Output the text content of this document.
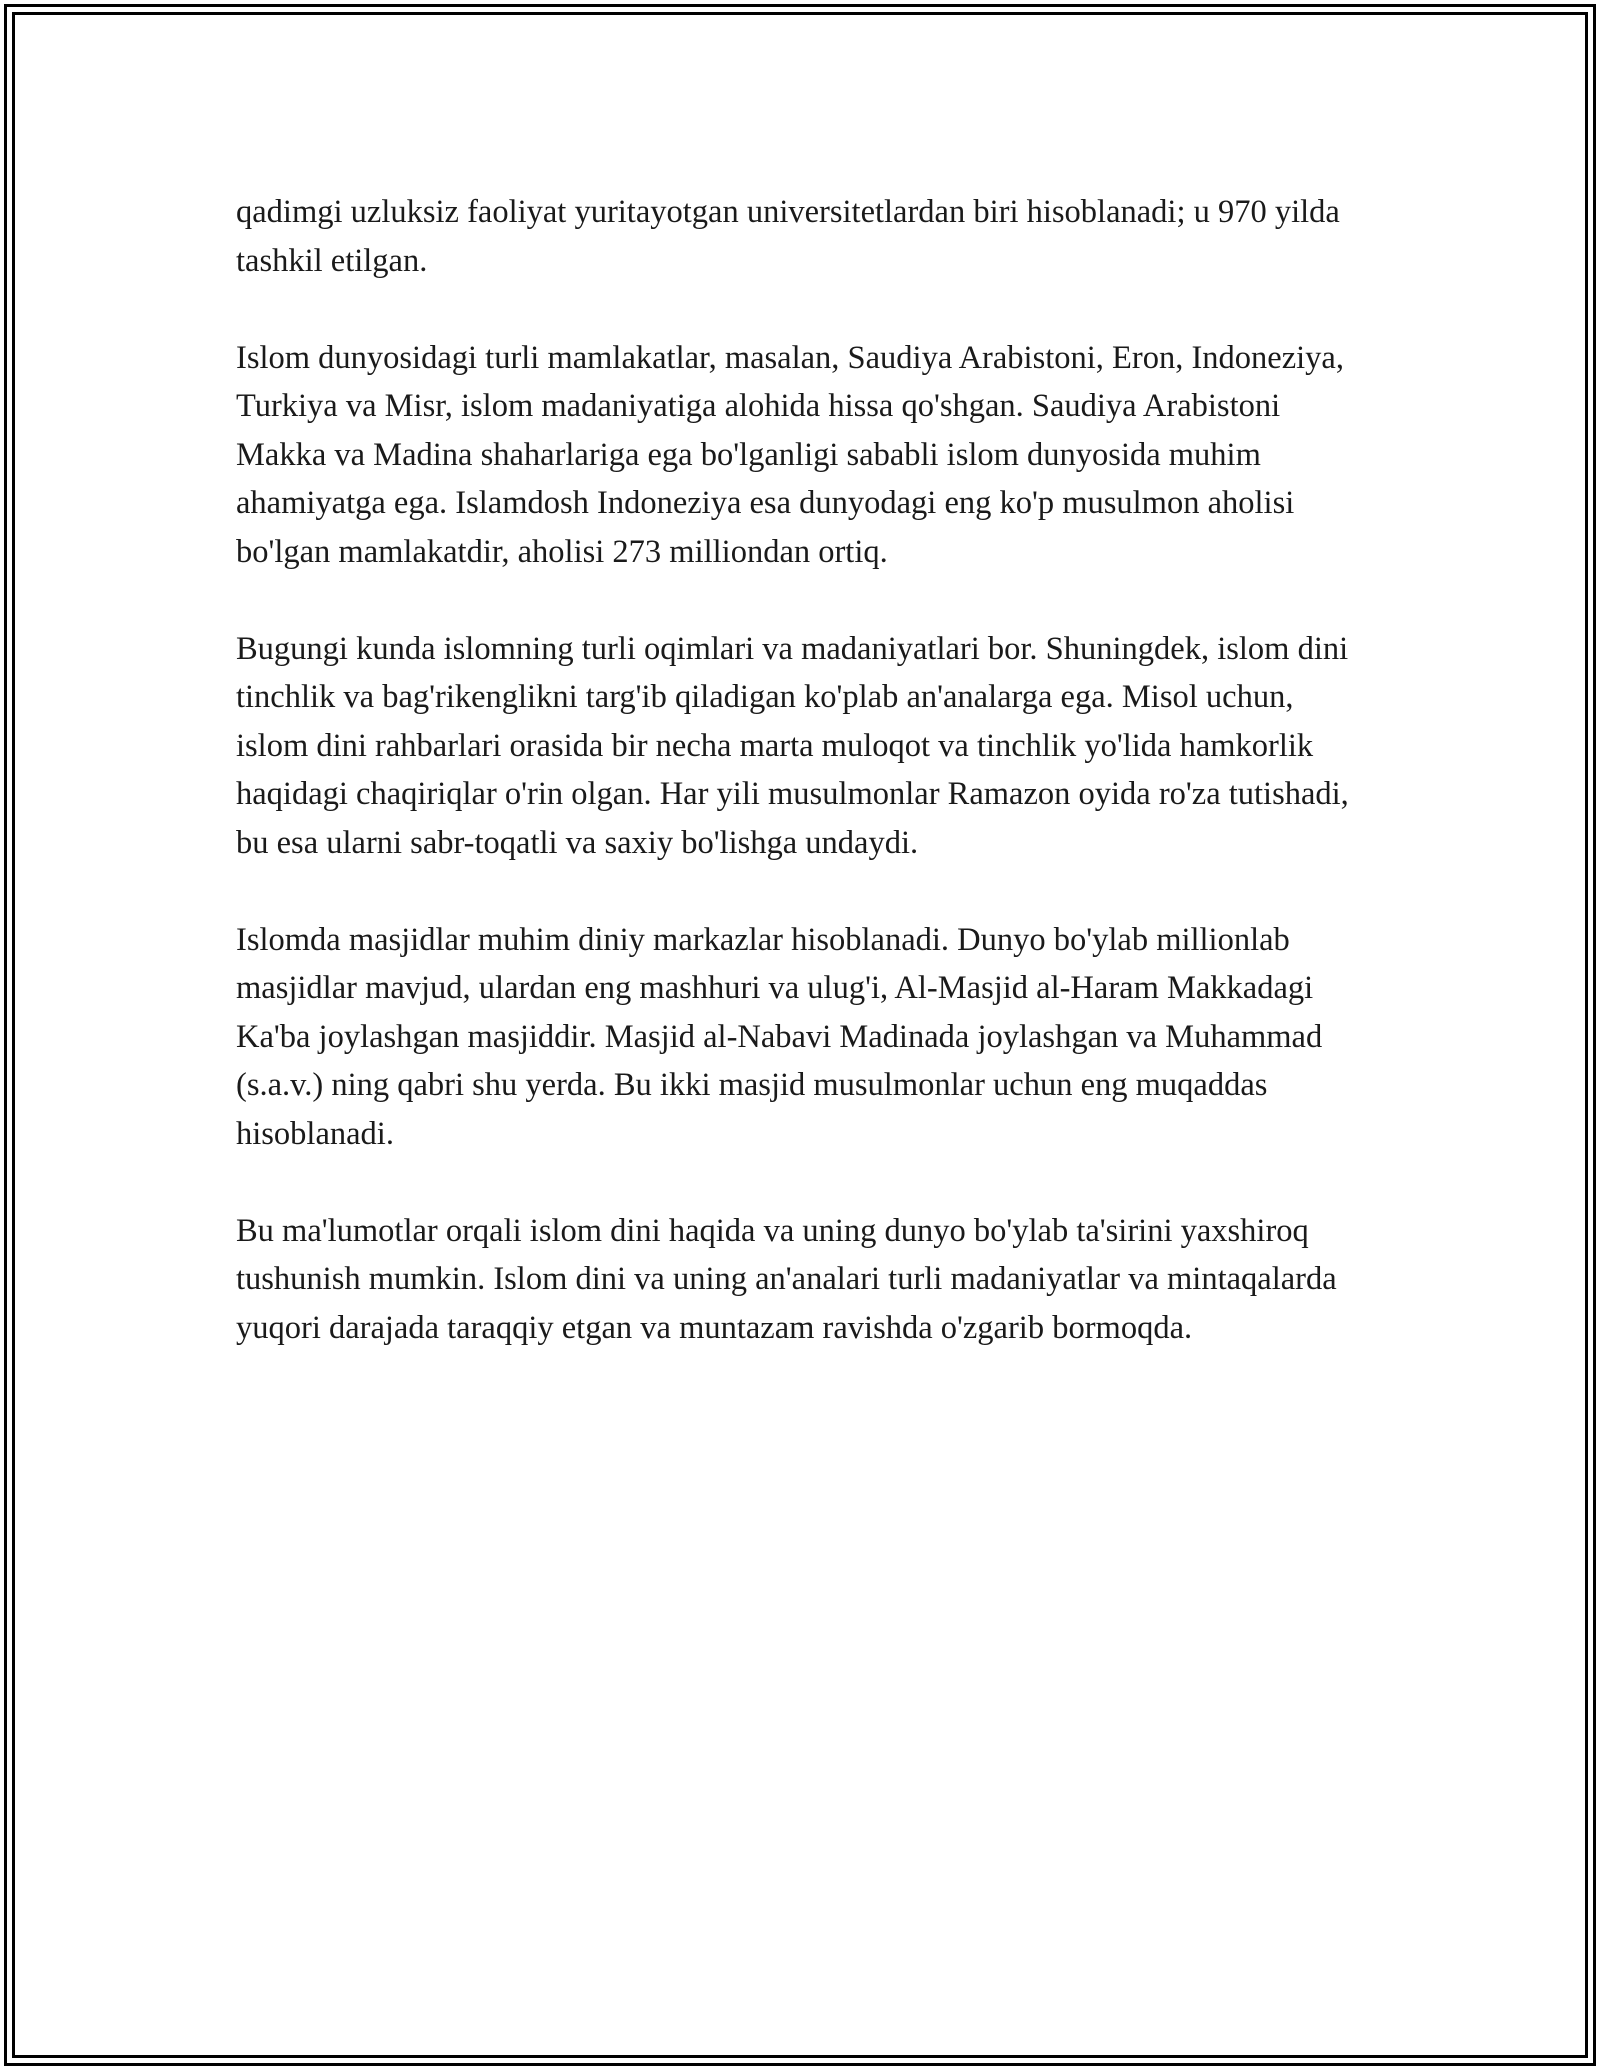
qadimgi uzluksiz faoliyat yuritayotgan universitetlardan biri hisoblanadi; u 970 yilda tashkil etilgan.

Islom dunyosidagi turli mamlakatlar, masalan, Saudiya Arabistoni, Eron, Indoneziya, Turkiya va Misr, islom madaniyatiga alohida hissa qo'shgan. Saudiya Arabistoni Makka va Madina shaharlariga ega bo'lganligi sababli islom dunyosida muhim ahamiyatga ega. Islamdosh Indoneziya esa dunyodagi eng ko'p musulmon aholisi bo'lgan mamlakatdir, aholisi 273 milliondan ortiq.

Bugungi kunda islomning turli oqimlari va madaniyatlari bor. Shuningdek, islom dini tinchlik va bag'rikenglikni targ'ib qiladigan ko'plab an'analarga ega. Misol uchun, islom dini rahbarlari orasida bir necha marta muloqot va tinchlik yo'lida hamkorlik haqidagi chaqiriqlar o'rin olgan. Har yili musulmonlar Ramazon oyida ro'za tutishadi, bu esa ularni sabr-toqatli va saxiy bo'lishga undaydi.

Islomda masjidlar muhim diniy markazlar hisoblanadi. Dunyo bo'ylab millionlab masjidlar mavjud, ulardan eng mashhuri va ulug'i, Al-Masjid al-Haram Makkadagi Ka'ba joylashgan masjiddir. Masjid al-Nabavi Madinada joylashgan va Muhammad (s.a.v.) ning qabri shu yerda. Bu ikki masjid musulmonlar uchun eng muqaddas hisoblanadi.

Bu ma'lumotlar orqali islom dini haqida va uning dunyo bo'ylab ta'sirini yaxshiroq tushunish mumkin. Islom dini va uning an'analari turli madaniyatlar va mintaqalarda yuqori darajada taraqqiy etgan va muntazam ravishda o'zgarib bormoqda.
